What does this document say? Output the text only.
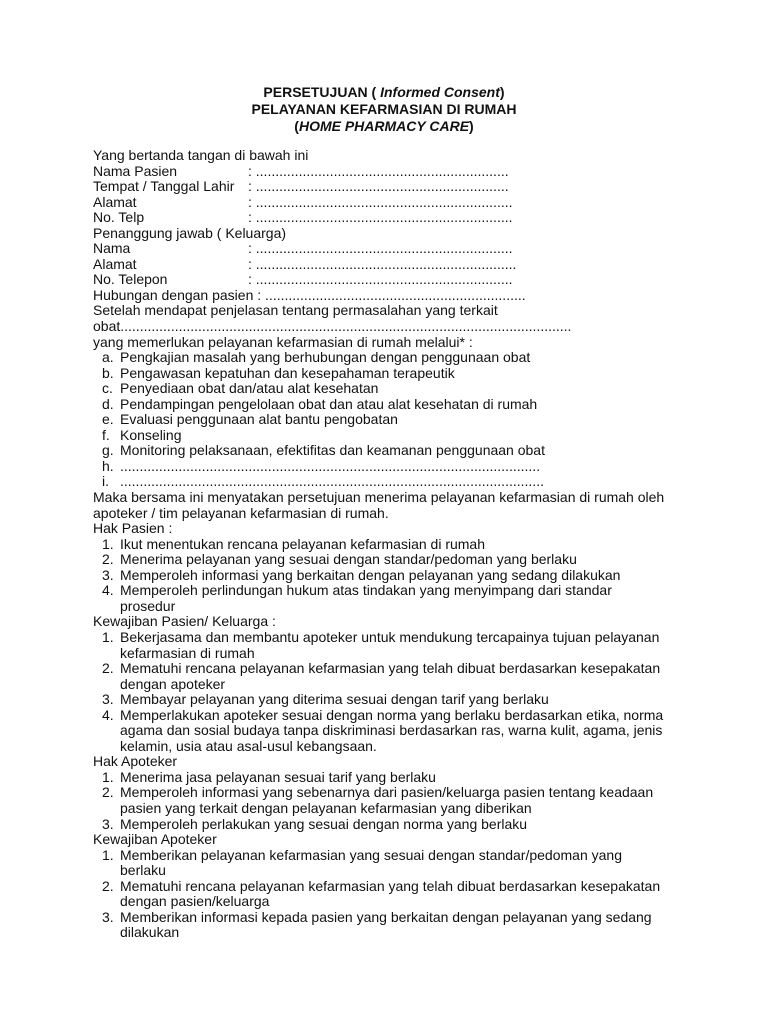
PERSETUJUAN ( Informed Consent)
PELAYANAN KEFARMASIAN DI RUMAH
(HOME PHARMACY CARE)
Yang bertanda tangan di bawah ini
Nama Pasien	: .................................................................
Tempat / Tanggal Lahir : .................................................................
Alamat	: ..................................................................
No. Telp	: ..................................................................
Penanggung jawab ( Keluarga)
Nama	: ..................................................................
Alamat	: ...................................................................
No. Telepon	: ..................................................................
Hubungan dengan pasien : ...................................................................
Setelah mendapat penjelasan tentang permasalahan yang terkait
obat....................................................................................................................
yang memerlukan pelayanan kefarmasian di rumah melalui* :
a. Pengkajian masalah yang berhubungan dengan penggunaan obat
b. Pengawasan kepatuhan dan kesepahaman terapeutik
c. Penyediaan obat dan/atau alat kesehatan
d. Pendampingan pengelolaan obat dan atau alat kesehatan di rumah
e. Evaluasi penggunaan alat bantu pengobatan
f. Konseling
g. Monitoring pelaksanaan, efektifitas dan keamanan penggunaan obat
h. ............................................................................................................
i. .............................................................................................................
Maka bersama ini menyatakan persetujuan menerima pelayanan kefarmasian di rumah oleh
apoteker / tim pelayanan kefarmasian di rumah.
Hak Pasien :
1. Ikut menentukan rencana pelayanan kefarmasian di rumah
2. Menerima pelayanan yang sesuai dengan standar/pedoman yang berlaku
3. Memperoleh informasi yang berkaitan dengan pelayanan yang sedang dilakukan
4. Memperoleh perlindungan hukum atas tindakan yang menyimpang dari standar
prosedur
Kewajiban Pasien/ Keluarga :
1. Bekerjasama dan membantu apoteker untuk mendukung tercapainya tujuan pelayanan
kefarmasian di rumah
2. Mematuhi rencana pelayanan kefarmasian yang telah dibuat berdasarkan kesepakatan
dengan apoteker
3. Membayar pelayanan yang diterima sesuai dengan tarif yang berlaku
4. Memperlakukan apoteker sesuai dengan norma yang berlaku berdasarkan etika, norma
agama dan sosial budaya tanpa diskriminasi berdasarkan ras, warna kulit, agama, jenis
kelamin, usia atau asal-usul kebangsaan.
Hak Apoteker
1. Menerima jasa pelayanan sesuai tarif yang berlaku
2. Memperoleh informasi yang sebenarnya dari pasien/keluarga pasien tentang keadaan
pasien yang terkait dengan pelayanan kefarmasian yang diberikan
3. Memperoleh perlakukan yang sesuai dengan norma yang berlaku
Kewajiban Apoteker
1. Memberikan pelayanan kefarmasian yang sesuai dengan standar/pedoman yang
berlaku
2. Mematuhi rencana pelayanan kefarmasian yang telah dibuat berdasarkan kesepakatan
dengan pasien/keluarga
3. Memberikan informasi kepada pasien yang berkaitan dengan pelayanan yang sedang
dilakukan
